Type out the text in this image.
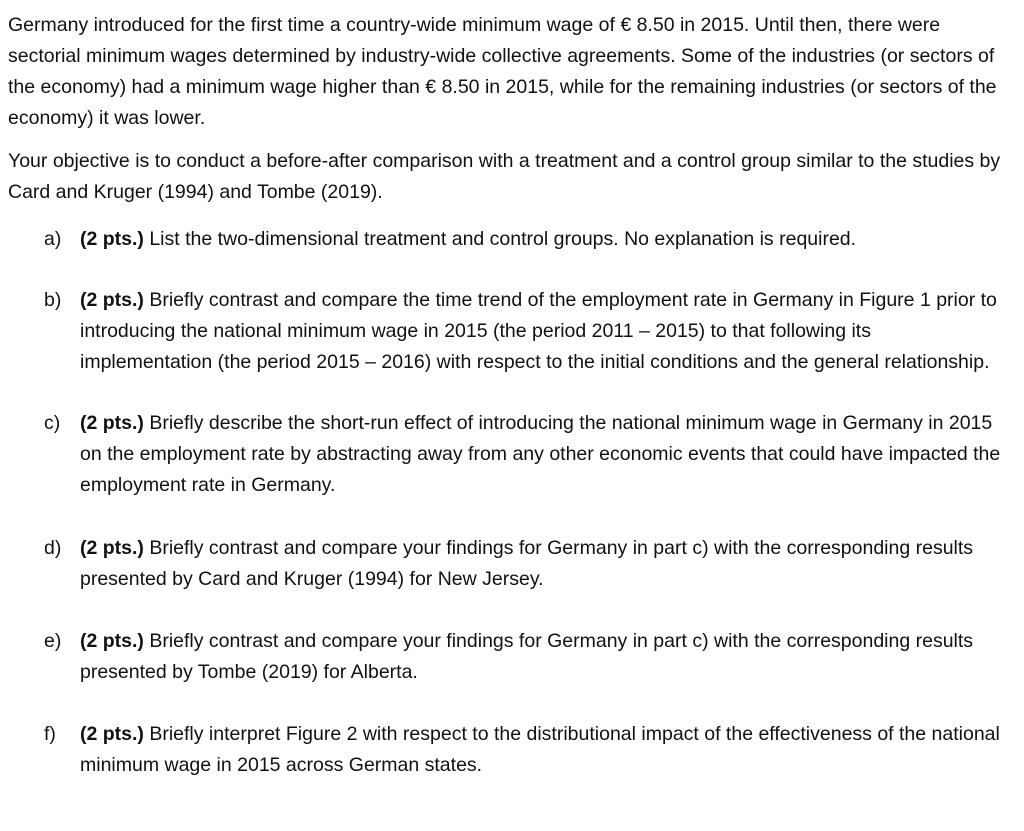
Germany introduced for the first time a country-wide minimum wage of € 8.50 in 2015. Until then, there were sectorial minimum wages determined by industry-wide collective agreements. Some of the industries (or sectors of the economy) had a minimum wage higher than € 8.50 in 2015, while for the remaining industries (or sectors of the economy) it was lower.

Your objective is to conduct a before-after comparison with a treatment and a control group similar to the studies by Card and Kruger (1994) and Tombe (2019).

a) (2 pts.) List the two-dimensional treatment and control groups. No explanation is required.
b) (2 pts.) Briefly contrast and compare the time trend of the employment rate in Germany in Figure 1 prior to introducing the national minimum wage in 2015 (the period 2011 – 2015) to that following its implementation (the period 2015 – 2016) with respect to the initial conditions and the general relationship.
c)	(2 pts.) Briefly describe the short-run effect of introducing the national minimum wage in Germany in 2015 on the employment rate by abstracting away from any other economic events that could have impacted the employment rate in Germany.
d) (2 pts.) Briefly contrast and compare your findings for Germany in part c) with the corresponding results presented by Card and Kruger (1994) for New Jersey.
e) (2 pts.) Briefly contrast and compare your findings for Germany in part c) with the corresponding results presented by Tombe (2019) for Alberta.
f)	(2 pts.) Briefly interpret Figure 2 with respect to the distributional impact of the effectiveness of the national minimum wage in 2015 across German states.
